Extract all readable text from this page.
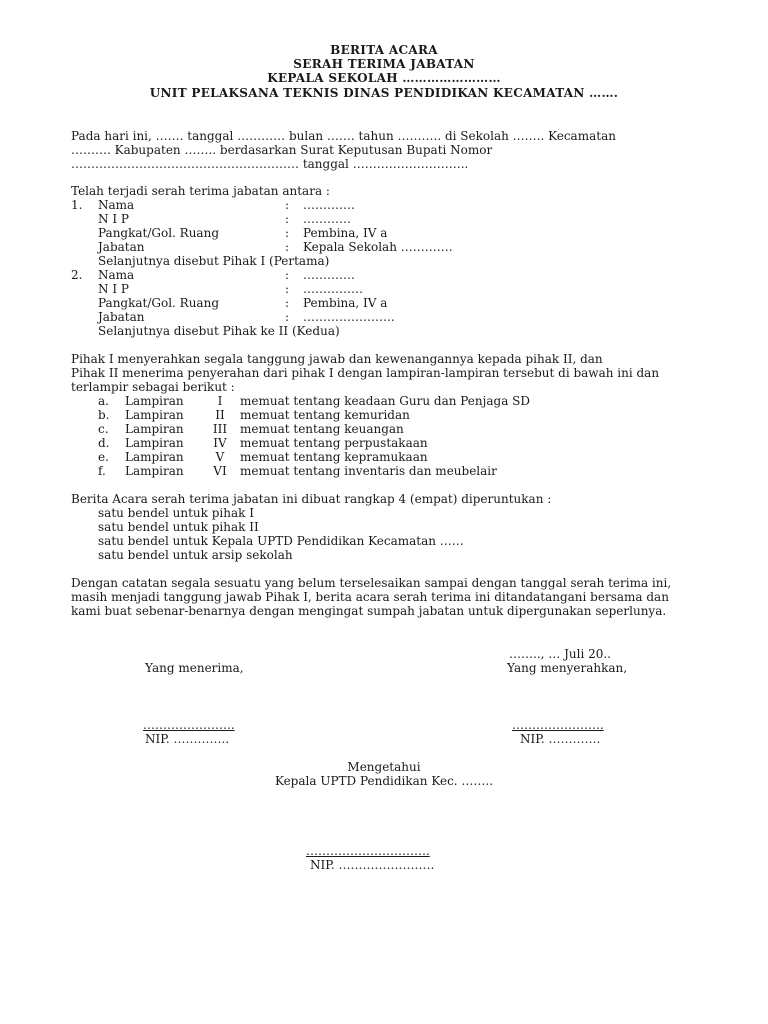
BERITA ACARA
SERAH TERIMA JABATAN
KEPALA SEKOLAH ……………………
UNIT PELAKSANA TEKNIS DINAS PENDIDIKAN KECAMATAN …….
Pada hari ini, ……. tanggal ………… bulan ……. tahun ……….. di Sekolah …….. Kecamatan
………. Kabupaten …….. berdasarkan Surat Keputusan Bupati Nomor
………………………………………………… tanggal ………………………..
Telah terjadi serah terima jabatan antara :
1. Nama	: ………….
N I P	: …………
Pangkat/Gol. Ruang	: Pembina, IV a
Jabatan	: Kepala Sekolah ………….
Selanjutnya disebut Pihak I (Pertama)
2. Nama	: ………….
N I P	: ……………
Pangkat/Gol. Ruang	: Pembina, IV a
Jabatan	: …………………..
Selanjutnya disebut Pihak ke II (Kedua)
Pihak I menyerahkan segala tanggung jawab dan kewenangannya kepada pihak II, dan
Pihak II menerima penyerahan dari pihak I dengan lampiran-lampiran tersebut di bawah ini dan
terlampir sebagai berikut :
a. Lampiran	I	memuat tentang keadaan Guru dan Penjaga SD
b. Lampiran	II	memuat tentang kemuridan
c. Lampiran	III	memuat tentang keuangan
d. Lampiran	IV	memuat tentang perpustakaan
e. Lampiran	V	memuat tentang kepramukaan
f. Lampiran	VI	memuat tentang inventaris dan meubelair
Berita Acara serah terima jabatan ini dibuat rangkap 4 (empat) diperuntukan :
satu bendel untuk pihak I
satu bendel untuk pihak II
satu bendel untuk Kepala UPTD Pendidikan Kecamatan ……
satu bendel untuk arsip sekolah
Dengan catatan segala sesuatu yang belum terselesaikan sampai dengan tanggal serah terima ini,
masih menjadi tanggung jawab Pihak I, berita acara serah terima ini ditandatangani bersama dan
kami buat sebenar-benarnya dengan mengingat sumpah jabatan untuk dipergunakan seperlunya.
…….., … Juli 20..
Yang menerima,	Yang menyerahkan,
…………………..
NIP. …………..
…………………..
NIP. ………….
Mengetahui
Kepala UPTD Pendidikan Kec. ……..
………………………….
NIP. ……………………
